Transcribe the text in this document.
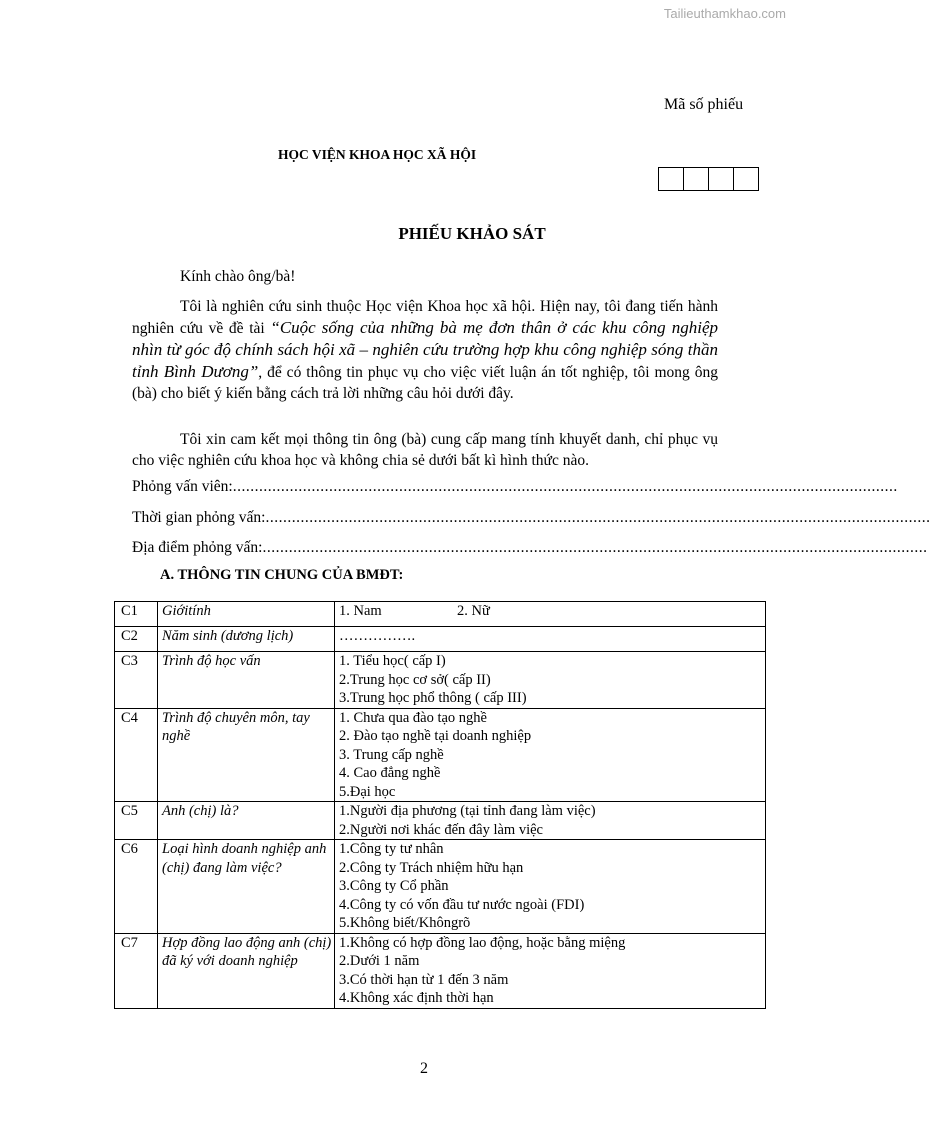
Tailieuthamkhao.com
Mã số phiếu
HỌC VIỆN KHOA HỌC XÃ HỘI
PHIẾU KHẢO SÁT
Kính chào ông/bà!
Tôi là nghiên cứu sinh thuộc Học viện Khoa học xã hội. Hiện nay, tôi đang tiến hành nghiên cứu về đề tài “Cuộc sống của những bà mẹ đơn thân ở các khu công nghiệp nhìn từ góc độ chính sách hội xã – nghiên cứu trường hợp khu công nghiệp sóng thần tỉnh Bình Dương”, để có thông tin phục vụ cho việc viết luận án tốt nghiệp, tôi mong ông (bà) cho biết ý kiến bằng cách trả lời những câu hỏi dưới đây.
Tôi xin cam kết mọi thông tin ông (bà) cung cấp mang tính khuyết danh, chỉ phục vụ cho việc nghiên cứu khoa học và không chia sẻ dưới bất kì hình thức nào.
Phỏng vấn viên: ........................................................................................................................................................
Thời gian phỏng vấn: ........................................................................................................................................................
Địa điểm phỏng vấn: ........................................................................................................................................................
A. THÔNG TIN CHUNG CỦA BMĐT:
C1	Giớitính	1. Nam 2. Nữ
C2	Năm sinh (dương lịch)	…………….
C3	Trình độ học vấn	1. Tiểu học( cấp I)
2.Trung học cơ sở( cấp II)
3.Trung học phổ thông ( cấp III)

C4	Trình độ chuyên môn, tay nghề	1. Chưa qua đào tạo nghề
2. Đào tạo nghề tại doanh nghiệp
3. Trung cấp nghề
4. Cao đẳng nghề
5.Đại học

C5	Anh (chị) là?	1.Người địa phương (tại tỉnh đang làm việc)
2.Người nơi khác đến đây làm việc

C6	Loại hình doanh nghiệp anh (chị) đang làm việc?	1.Công ty tư nhân
2.Công ty Trách nhiệm hữu hạn
3.Công ty Cổ phần
4.Công ty có vốn đầu tư nước ngoài (FDI)
5.Không biết/Khôngrõ

C7	Hợp đồng lao động anh (chị) đã ký với doanh nghiệp	1.Không có hợp đồng lao động, hoặc bằng miệng
2.Dưới 1 năm
3.Có thời hạn từ 1 đến 3 năm
4.Không xác định thời hạn
2
